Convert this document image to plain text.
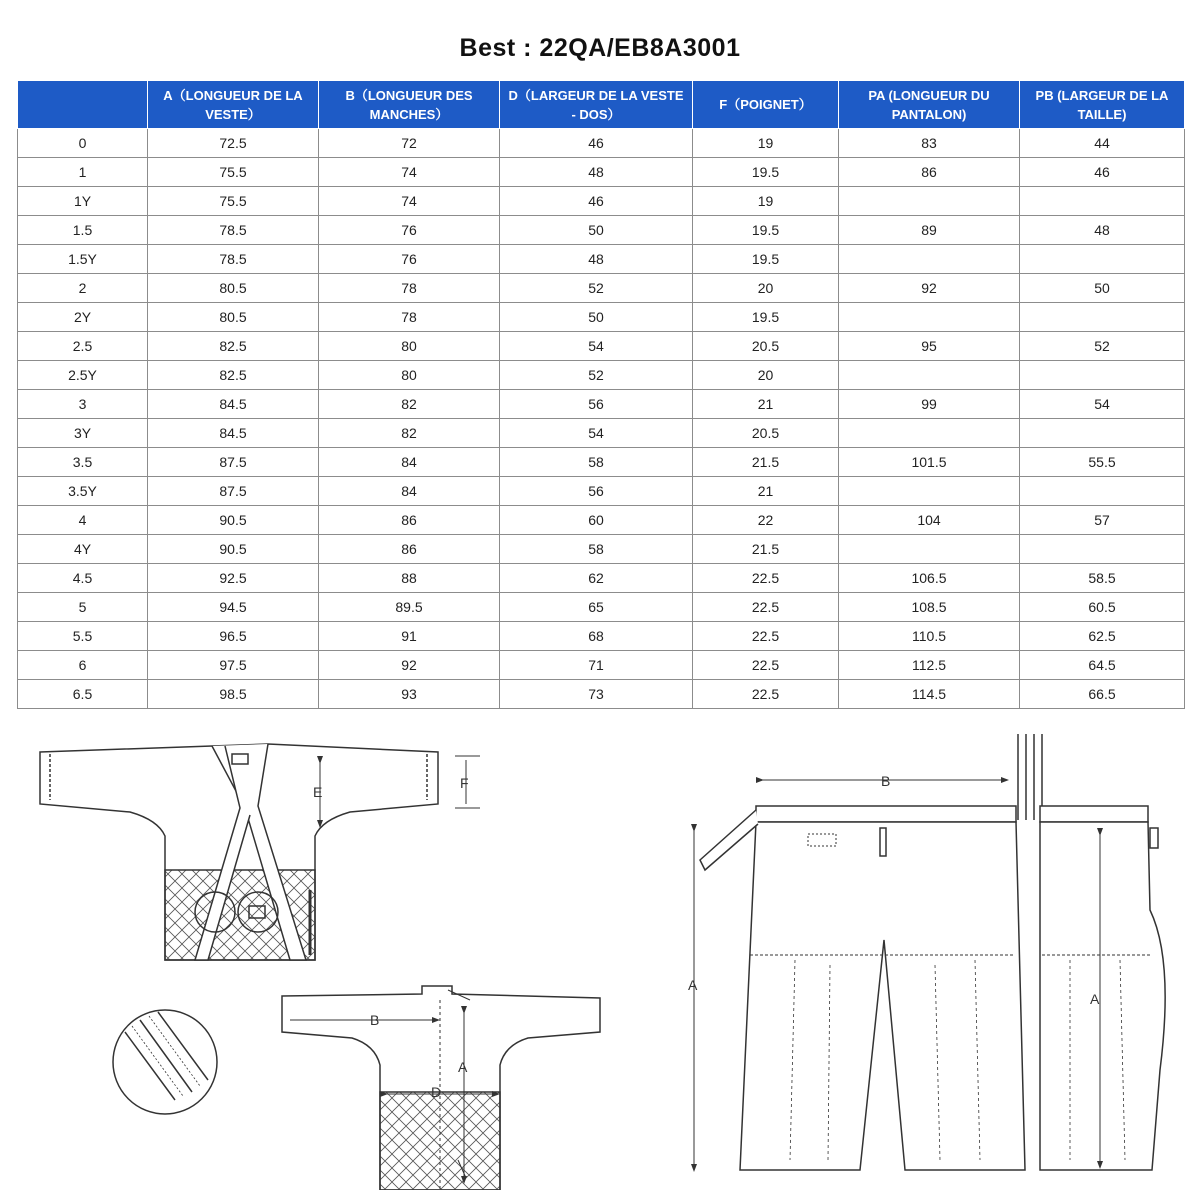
Best : 22QA/EB8A3001
	A（LONGUEUR DE LA VESTE）	B（LONGUEUR DES MANCHES）	D（LARGEUR DE LA VESTE - DOS）	F（POIGNET）	PA (LONGUEUR DU PANTALON)	PB (LARGEUR DE LA TAILLE)
0	72.5	72	46	19	83	44
1	75.5	74	48	19.5	86	46
1Y	75.5	74	46	19		
1.5	78.5	76	50	19.5	89	48
1.5Y	78.5	76	48	19.5		
2	80.5	78	52	20	92	50
2Y	80.5	78	50	19.5		
2.5	82.5	80	54	20.5	95	52
2.5Y	82.5	80	52	20		
3	84.5	82	56	21	99	54
3Y	84.5	82	54	20.5		
3.5	87.5	84	58	21.5	101.5	55.5
3.5Y	87.5	84	56	21		
4	90.5	86	60	22	104	57
4Y	90.5	86	58	21.5		
4.5	92.5	88	62	22.5	106.5	58.5
5	94.5	89.5	65	22.5	108.5	60.5
5.5	96.5	91	68	22.5	110.5	62.5
6	97.5	92	71	22.5	112.5	64.5
6.5	98.5	93	73	22.5	114.5	66.5
E
F
B
A
D
B
A
A
